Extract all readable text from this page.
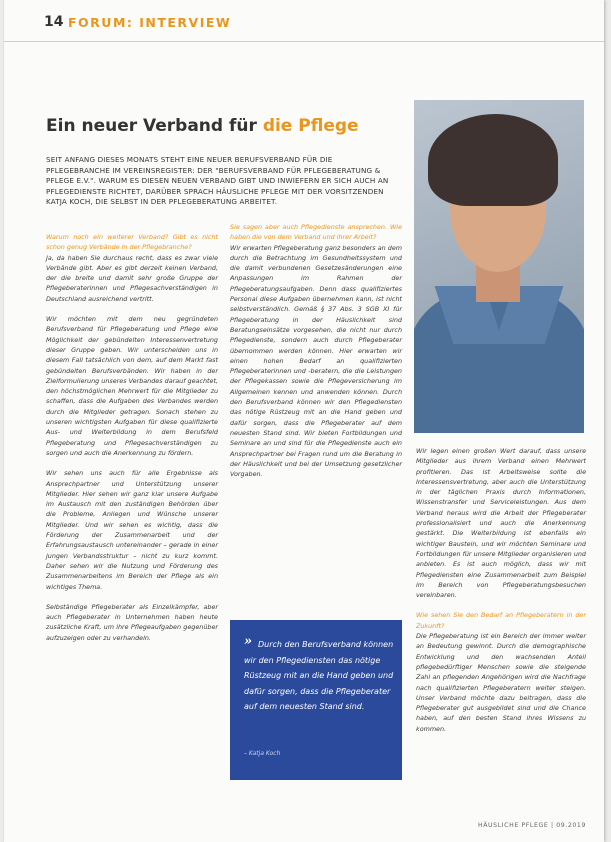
14 FORUM: INTERVIEW
Ein neuer Verband für die Pflege
SEIT ANFANG DIESES MONATS STEHT EINE NEUER BERUFSVERBAND FÜR DIE PFLEGEBRANCHE IM VEREINSREGISTER: DER "BERUFSVERBAND FÜR PFLEGEBERATUNG & PFLEGE E.V.". WARUM ES DIESEN NEUEN VERBAND GIBT UND INWIEFERN ER SICH AUCH AN PFLEGEDIENSTE RICHTET, DARÜBER SPRACH HÄUSLICHE PFLEGE MIT DER VORSITZENDEN KATJA KOCH, DIE SELBST IN DER PFLEGEBERATUNG ARBEITET.

Warum noch ein weiterer Verband? Gibt es nicht schon genug Verbände in der Pflegebranche?

Ja, da haben Sie durchaus recht, dass es zwar viele Verbände gibt. Aber es gibt derzeit keinen Verband, der die breite und damit sehr große Gruppe der Pflegeberaterinnen und Pflegesachverständigen in Deutschland ausreichend vertritt.

Wir möchten mit dem neu gegründeten Berufsverband für Pflegeberatung und Pflege eine Möglichkeit der gebündelten Interessenvertretung dieser Gruppe geben. Wir unterscheiden uns in diesem Fall tatsächlich von dem, auf dem Markt fast gebündelten Berufsverbänden. Wir haben in der Zielformulierung unseres Verbandes darauf geachtet, den höchstmöglichen Mehrwert für die Mitglieder zu schaffen, dass die Aufgaben des Verbandes werden durch die Mitglieder getragen. Sonach stehen zu unseren wichtigsten Aufgaben für diese qualifizierte Aus- und Weiterbildung in dem Berufsfeld Pflegeberatung und Pflegesachverständigen zu sorgen und auch die Anerkennung zu fördern.

Wir sehen uns auch für alle Ergebnisse als Ansprechpartner und Unterstützung unserer Mitglieder. Hier sehen wir ganz klar unsere Aufgabe im Austausch mit den zuständigen Behörden über die Probleme, Anliegen und Wünsche unserer Mitglieder. Und wir sehen es wichtig, dass die Förderung der Zusammenarbeit und der Erfahrungsaustausch untereinander – gerade in einer jungen Verbandsstruktur – nicht zu kurz kommt. Daher sehen wir die Nutzung und Förderung des Zusammenarbeitens im Bereich der Pflege als ein wichtiges Thema.

Selbständige Pflegeberater als Einzelkämpfer, aber auch Pflegeberater in Unternehmen haben heute zusätzliche Kraft, um ihre Pflegeaufgaben gegenüber aufzuzeigen oder zu verhandeln.

Sie sagen aber auch Pflegedienste ansprechen. Wie haben die von dem Verband und ihrer Arbeit?

Wir erwarten Pflegeberatung ganz besonders an dem durch die Betrachtung im Gesundheitssystem und die damit verbundenen Gesetzesänderungen eine Anpassungen im Rahmen der Pflegeberatungsaufgaben. Denn dass qualifiziertes Personal diese Aufgaben übernehmen kann, ist nicht selbstverständlich. Gemäß § 37 Abs. 3 SGB XI für Pflegeberatung in der Häuslichkeit sind Beratungseinsätze vorgesehen, die nicht nur durch Pflegedienste, sondern auch durch Pflegeberater übernommen werden können. Hier erwarten wir einen hohen Bedarf an qualifizierten Pflegeberaterinnen und -beratern, die die Leistungen der Pflegekassen sowie die Pflegeversicherung im Allgemeinen kennen und anwenden können. Durch den Berufsverband können wir den Pflegediensten das nötige Rüstzeug mit an die Hand geben und dafür sorgen, dass die Pflegeberater auf dem neuesten Stand sind. Wir bieten Fortbildungen und Seminare an und sind für die Pflegedienste auch ein Ansprechpartner bei Fragen rund um die Beratung in der Häuslichkeit und bei der Umsetzung gesetzlicher Vorgaben.

» Durch den Berufsverband können wir den Pflegediensten das nötige Rüstzeug mit an die Hand geben und dafür sorgen, dass die Pflegeberater auf dem neuesten Stand sind.
– Katja Koch

Wir legen einen großen Wert darauf, dass unsere Mitglieder aus ihrem Verband einen Mehrwert profitieren. Das ist Arbeitsweise sollte die Interessensvertretung, aber auch die Unterstützung in der täglichen Praxis durch Informationen, Wissenstransfer und Serviceleistungen. Aus dem Verband heraus wird die Arbeit der Pflegeberater professionalisiert und auch die Anerkennung gestärkt. Die Weiterbildung ist ebenfalls ein wichtiger Baustein, und wir möchten Seminare und Fortbildungen für unsere Mitglieder organisieren und anbieten. Es ist auch möglich, dass wir mit Pflegediensten eine Zusammenarbeit zum Beispiel im Bereich von Pflegeberatungsbesuchen vereinbaren.

Wie sehen Sie den Bedarf an Pflegeberatern in der Zukunft?

Die Pflegeberatung ist ein Bereich der immer weiter an Bedeutung gewinnt. Durch die demographische Entwicklung und den wachsenden Anteil pflegebedürftiger Menschen sowie die steigende Zahl an pflegenden Angehörigen wird die Nachfrage nach qualifizierten Pflegeberatern weiter steigen. Unser Verband möchte dazu beitragen, dass die Pflegeberater gut ausgebildet sind und die Chance haben, auf den besten Stand ihres Wissens zu kommen.

HÄUSLICHE PFLEGE | 09.2019
